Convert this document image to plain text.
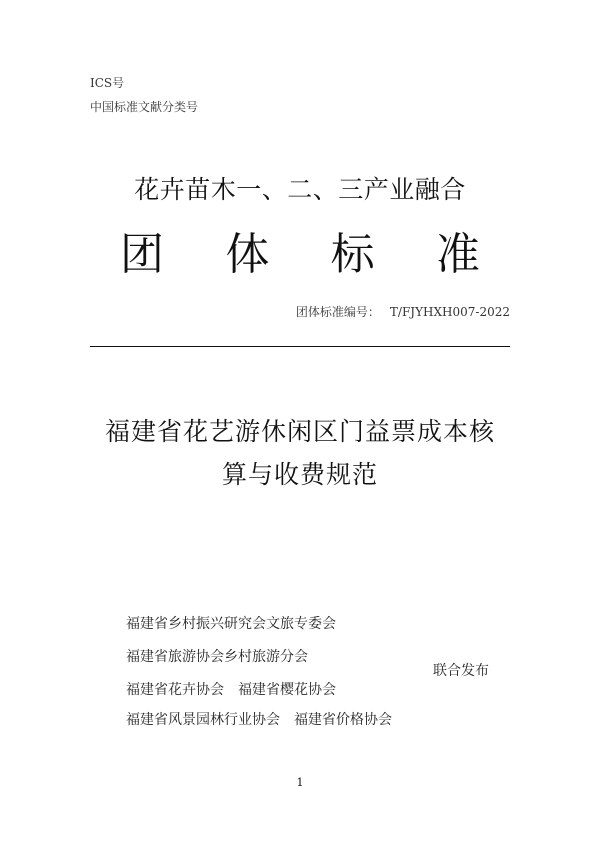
ICS号
中国标准文献分类号
花卉苗木一、二、三产业融合
团 体 标 准
团体标准编号： T/FJYHXH007-2022
福建省花艺游休闲区门益票成本核
算与收费规范
福建省乡村振兴研究会文旅专委会
福建省旅游协会乡村旅游分会
福建省花卉协会　福建省樱花协会
福建省风景园林行业协会　福建省价格协会
联合发布
1
